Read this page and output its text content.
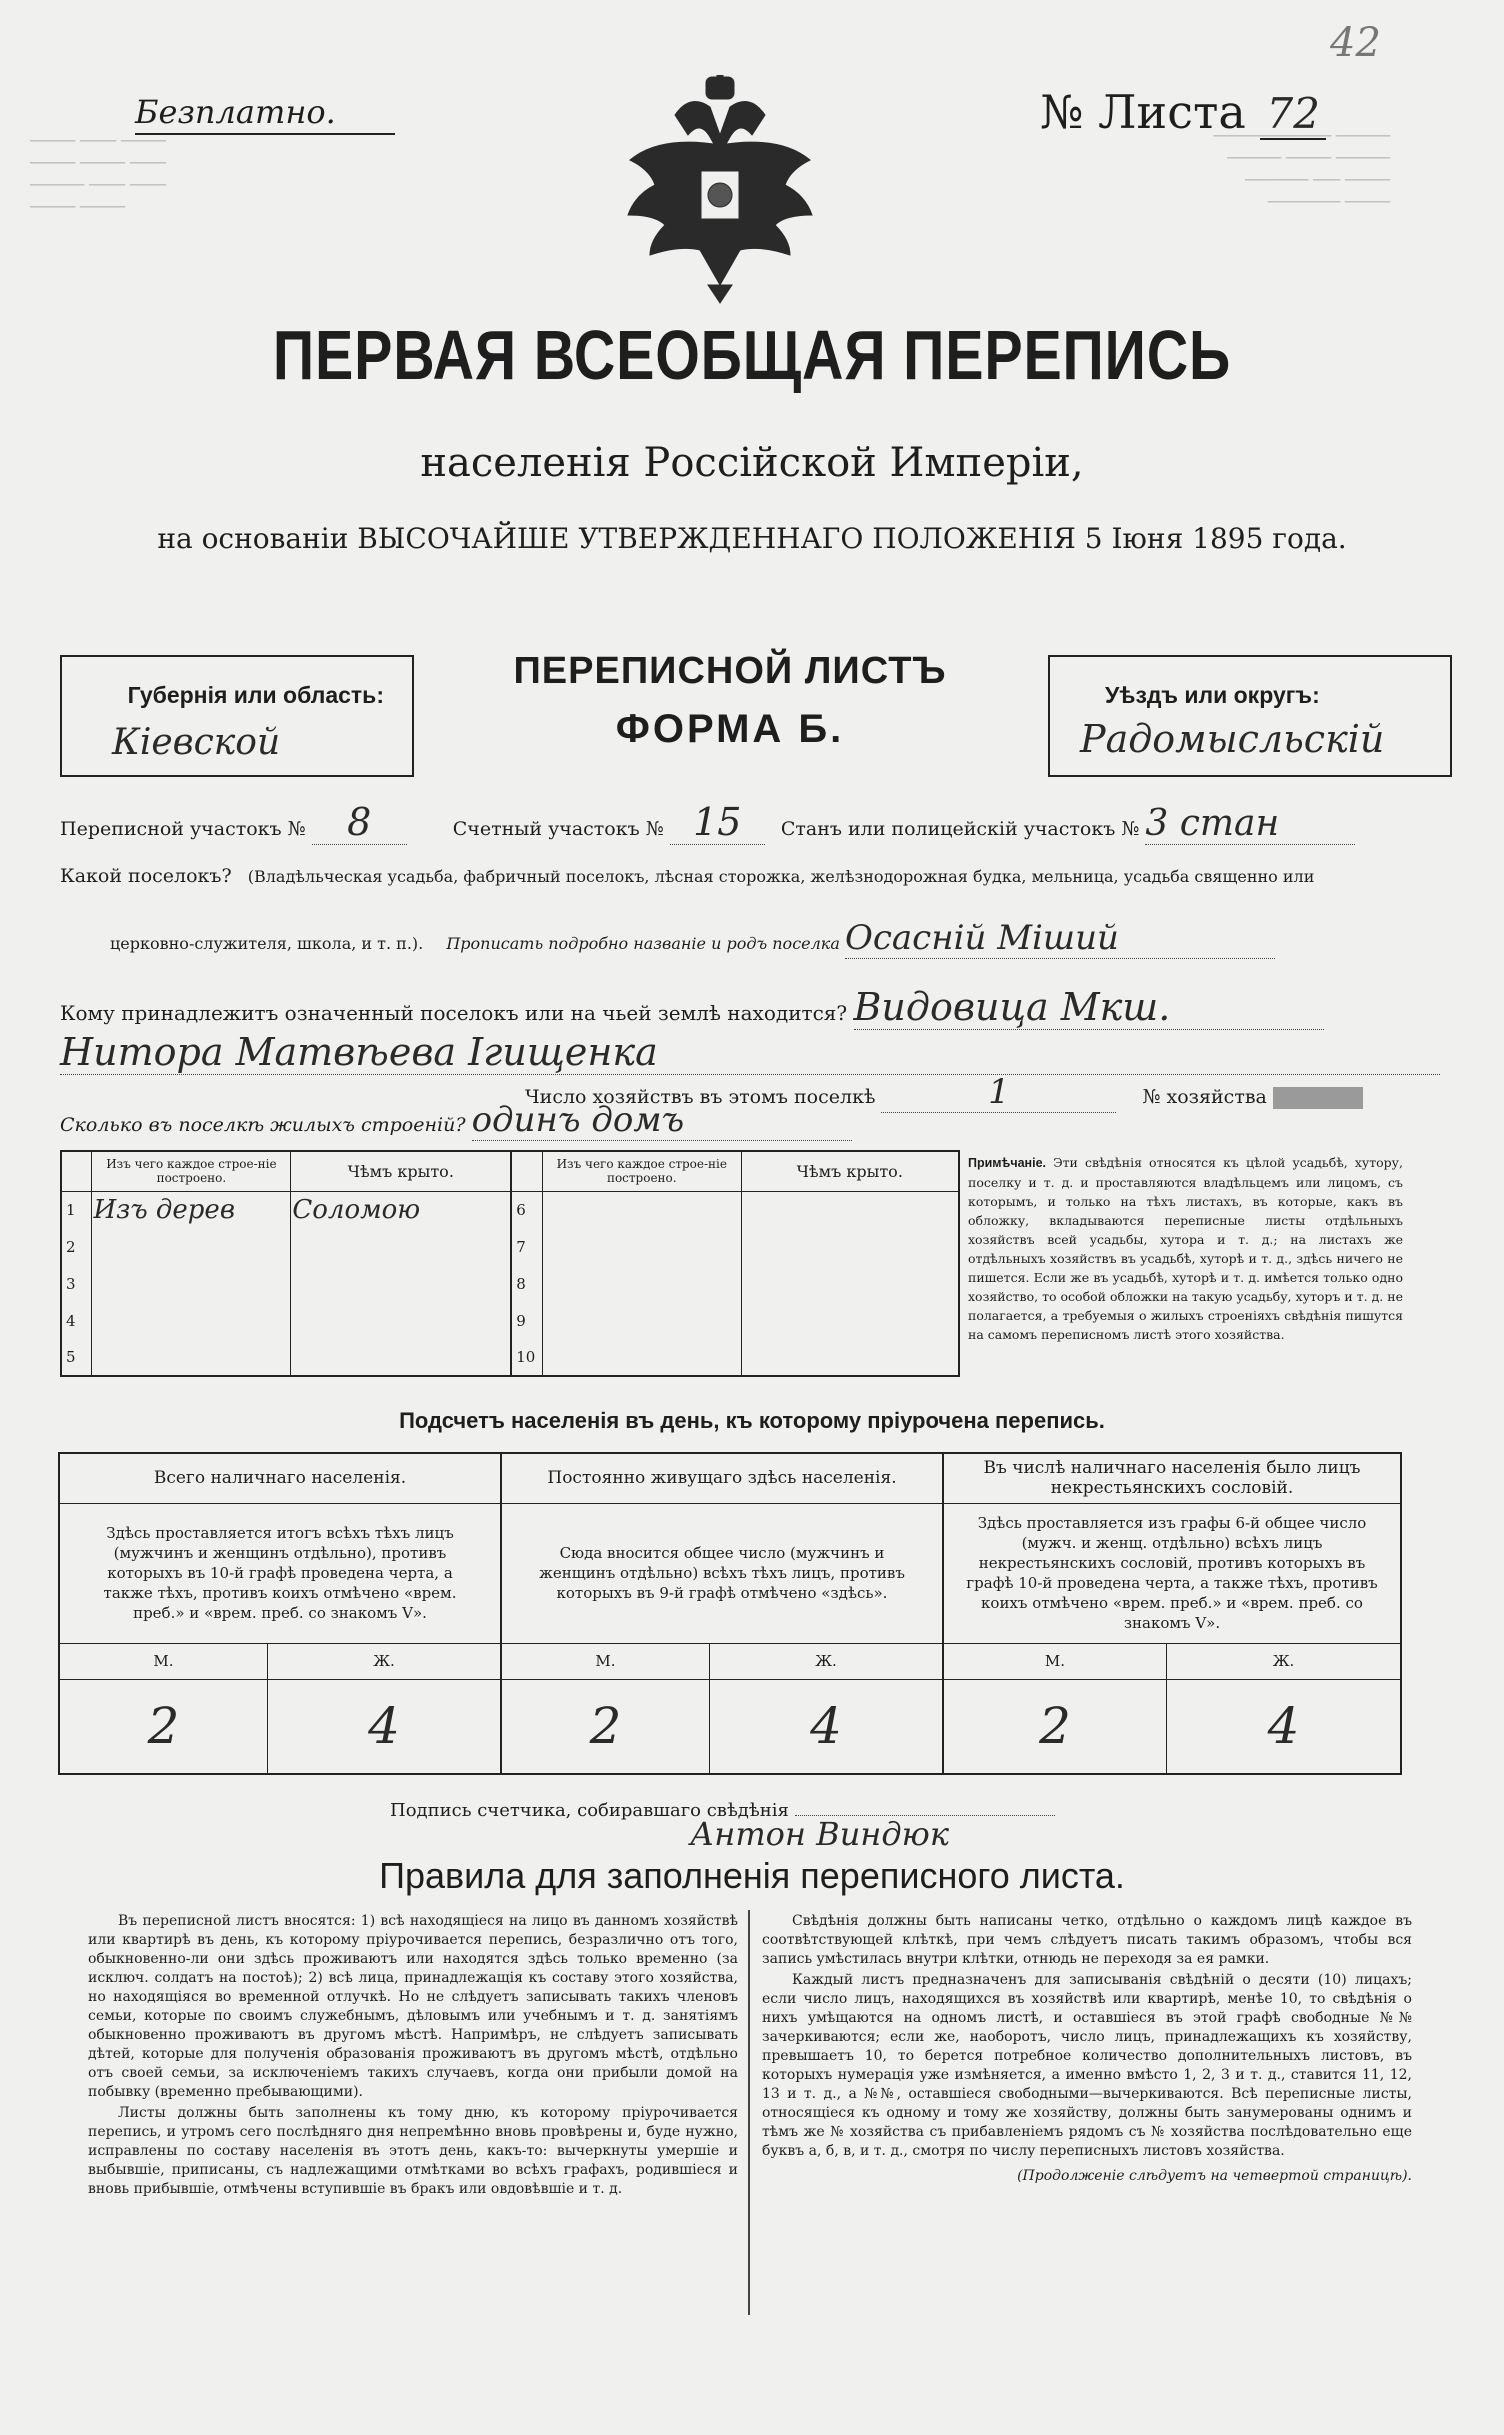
───── ──── ─────
───── ───── ────
────── ──── ────
───── ─────
───────────── ──────
────── ───── ──────
─────── ─── ─────
──────── ─────
42
Безплатно.	№ Листа 72
ПЕРВАЯ ВСЕОБЩАЯ ПЕРЕПИСЬ
населенія Россійской Имперіи,
на основаніи ВЫСОЧАЙШЕ УТВЕРЖДЕННАГО ПОЛОЖЕНІЯ 5 Іюня 1895 года.
Губернія или область:
Кіевской
ПЕРЕПИСНОЙ ЛИСТЪ
ФОРМА Б.
Уѣздъ или округъ:
Радомысльскій
Переписной участокъ № 8	Счетный участокъ № 15 Станъ или полицейскій участокъ № 3 стан
Какой поселокъ? (Владѣльческая усадьба, фабричный поселокъ, лѣсная сторожка, желѣзнодорожная будка, мельница, усадьба священно или
церковно-служителя, школа, и т. п.). Прописать подробно названіе и родъ поселка Осасній Міший
Кому принадлежитъ означенный поселокъ или на чьей землѣ находится? Видовица Мкш.
Нитора Матвѣева Ігищенка
Число хозяйствъ въ этомъ поселкѣ	1	№ хозяйства
Сколько въ поселкѣ жилыхъ строеній? одинъ домъ
	Изъ чего каждое строе-ніе построено.	Чѣмъ крыто.		Изъ чего каждое строе-ніе построено.	Чѣмъ крыто.
1	Изъ дерев	Соломою	6		
2			7		
3			8		
4			9		
5			10		
Примѣчаніе. Эти свѣдѣнія относятся къ цѣлой усадьбѣ, хутору, поселку и т. д. и проставляются владѣльцемъ или лицомъ, съ которымъ, и только на тѣхъ листахъ, въ которые, какъ въ обложку, вкладываются переписные листы отдѣльныхъ хозяйствъ всей усадьбы, хутора и т. д.; на листахъ же отдѣльныхъ хозяйствъ въ усадьбѣ, хуторѣ и т. д., здѣсь ничего не пишется. Если же въ усадьбѣ, хуторѣ и т. д. имѣется только одно хозяйство, то особой обложки на такую усадьбу, хуторъ и т. д. не полагается, а требуемыя о жилыхъ строеніяхъ свѣдѣнія пишутся на самомъ переписномъ листѣ этого хозяйства.
Подсчетъ населенія въ день, къ которому пріурочена перепись.
Всего наличнаго населенія.		Постоянно живущаго здѣсь населенія.		Въ числѣ наличнаго населенія было лицъ некрестьянскихъ сословій.	
Здѣсь проставляется итогъ всѣхъ тѣхъ лицъ (мужчинъ и женщинъ отдѣльно), противъ которыхъ въ 10-й графѣ проведена черта, а также тѣхъ, противъ коихъ отмѣчено «врем. преб.» и «врем. преб. со знакомъ V».		Сюда вносится общее число (мужчинъ и женщинъ отдѣльно) всѣхъ тѣхъ лицъ, противъ которыхъ въ 9-й графѣ отмѣчено «здѣсь».		Здѣсь проставляется изъ графы 6-й общее число (мужч. и женщ. отдѣльно) всѣхъ лицъ некрестьянскихъ сословій, противъ которыхъ въ графѣ 10-й проведена черта, а также тѣхъ, противъ коихъ отмѣчено «врем. преб.» и «врем. преб. со знакомъ V».	
М.	Ж.	М.	Ж.	М.	Ж.
2	4	2	4	2	4
Подпись счетчика, собиравшаго свѣдѣнія
Антон Виндюк
Правила для заполненія переписного листа.
Въ переписной листъ вносятся: 1) всѣ находящіеся на лицо въ данномъ хозяйствѣ или квартирѣ въ день, къ которому пріурочивается перепись, безразлично отъ того, обыкновенно-ли они здѣсь проживаютъ или находятся здѣсь только временно (за исключ. солдатъ на постоѣ); 2) всѣ лица, принадлежащія къ составу этого хозяйства, но находящіяся во временной отлучкѣ. Но не слѣдуетъ записывать такихъ членовъ семьи, которые по своимъ служебнымъ, дѣловымъ или учебнымъ и т. д. занятіямъ обыкновенно проживаютъ въ другомъ мѣстѣ. Напримѣръ, не слѣдуетъ записывать дѣтей, которые для полученія образованія проживаютъ въ другомъ мѣстѣ, отдѣльно отъ своей семьи, за исключеніемъ такихъ случаевъ, когда они прибыли домой на побывку (временно пребывающими).
Листы должны быть заполнены къ тому дню, къ которому пріурочивается перепись, и утромъ сего послѣдняго дня непремѣнно вновь провѣрены и, буде нужно, исправлены по составу населенія въ этотъ день, какъ-то: вычеркнуты умершіе и выбывшіе, приписаны, съ надлежащими отмѣтками во всѣхъ графахъ, родившіеся и вновь прибывшіе, отмѣчены вступившіе въ бракъ или овдовѣвшіе и т. д.
Свѣдѣнія должны быть написаны четко, отдѣльно о каждомъ лицѣ каждое въ соотвѣтствующей клѣткѣ, при чемъ слѣдуетъ писать такимъ образомъ, чтобы вся запись умѣстилась внутри клѣтки, отнюдь не переходя за ея рамки.
Каждый листъ предназначенъ для записыванія свѣдѣній о десяти (10) лицахъ; если число лицъ, находящихся въ хозяйствѣ или квартирѣ, менѣе 10, то свѣдѣнія о нихъ умѣщаются на одномъ листѣ, и оставшіеся въ этой графѣ свободные №№ зачеркиваются; если же, наоборотъ, число лицъ, принадлежащихъ къ хозяйству, превышаетъ 10, то берется потребное количество дополнительныхъ листовъ, въ которыхъ нумерація уже измѣняется, а именно вмѣсто 1, 2, 3 и т. д., ставится 11, 12, 13 и т. д., а №№, оставшіеся свободными—вычеркиваются. Всѣ переписные листы, относящіеся къ одному и тому же хозяйству, должны быть занумерованы однимъ и тѣмъ же № хозяйства съ прибавленіемъ рядомъ съ № хозяйства послѣдовательно еще буквъ а, б, в, и т. д., смотря по числу переписныхъ листовъ хозяйства.
(Продолженіе слѣдуетъ на четвертой страницѣ).
